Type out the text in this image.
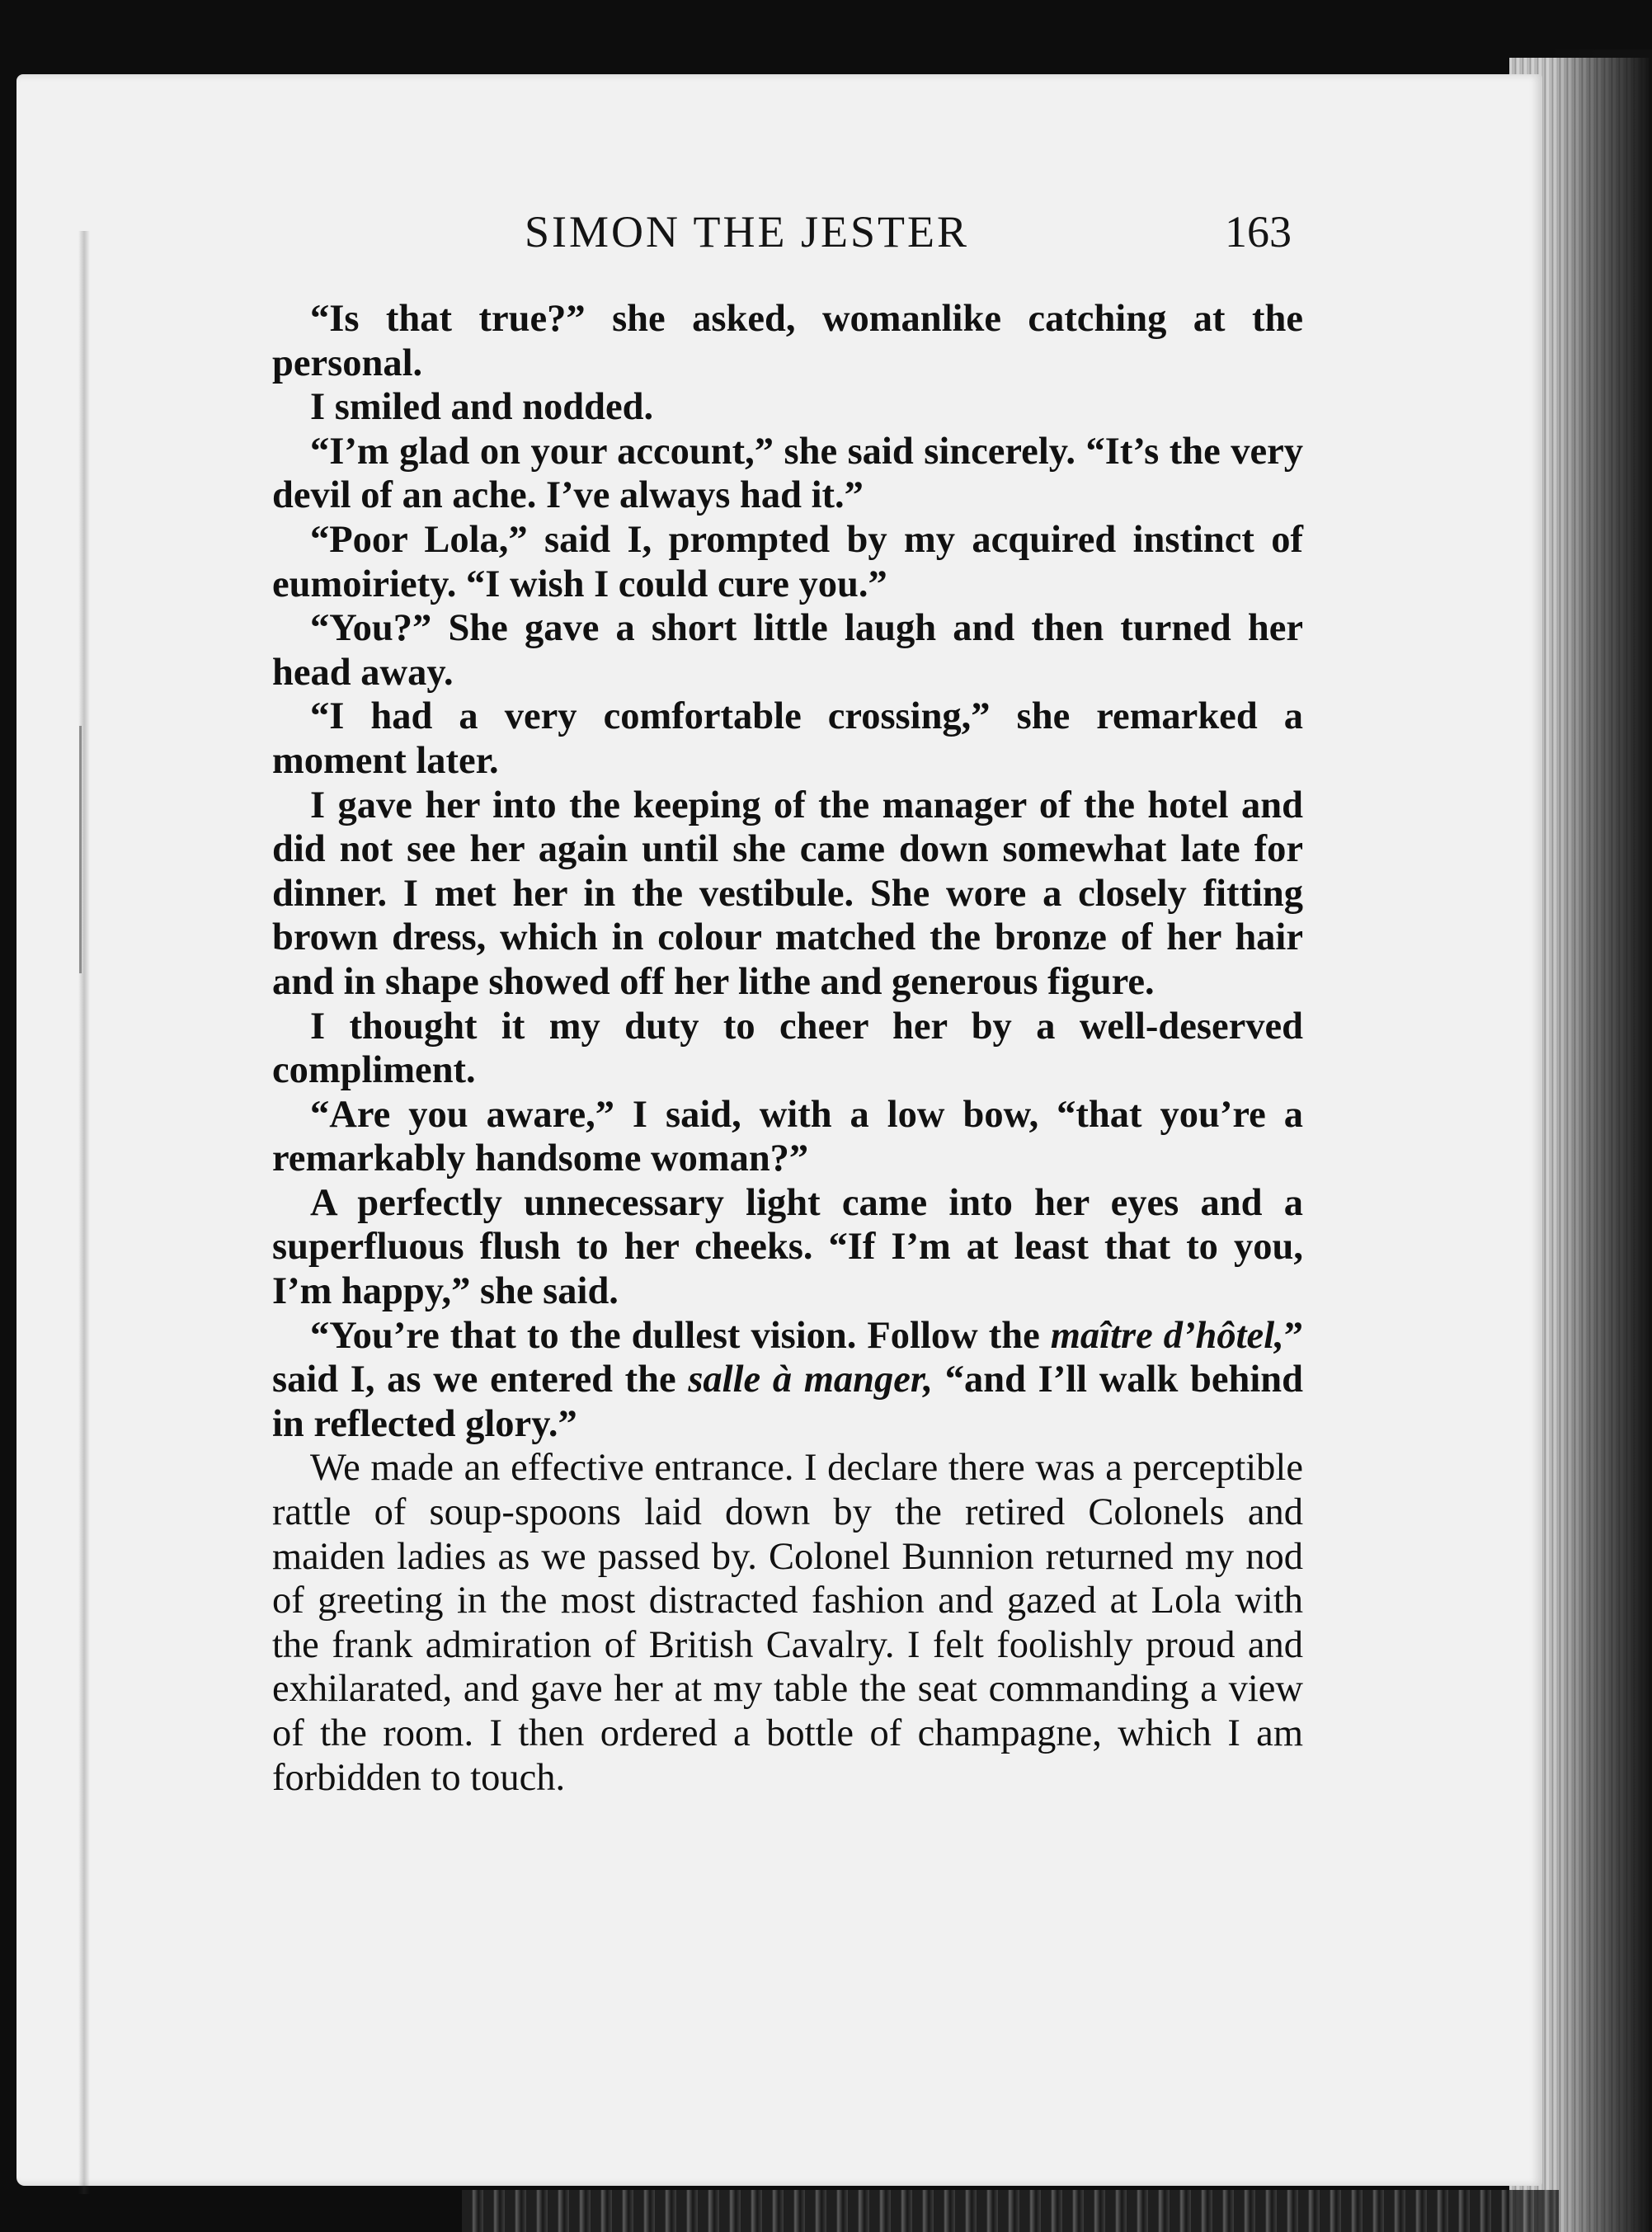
SIMON THE JESTER	163

“Is that true?” she asked, womanlike catching at the personal.

I smiled and nodded.

“I’m glad on your account,” she said sincerely. “It’s the very devil of an ache. I’ve always had it.”

“Poor Lola,” said I, prompted by my acquired instinct of eumoiriety. “I wish I could cure you.”

“You?” She gave a short little laugh and then turned her head away.

“I had a very comfortable crossing,” she remarked a moment later.

I gave her into the keeping of the manager of the hotel and did not see her again until she came down somewhat late for dinner. I met her in the vestibule. She wore a closely fitting brown dress, which in colour matched the bronze of her hair and in shape showed off her lithe and generous figure.

I thought it my duty to cheer her by a well-deserved compliment.

“Are you aware,” I said, with a low bow, “that you’re a remarkably handsome woman?”

A perfectly unnecessary light came into her eyes and a superfluous flush to her cheeks. “If I’m at least that to you, I’m happy,” she said.

“You’re that to the dullest vision. Follow the maître d’hôtel,” said I, as we entered the salle à manger, “and I’ll walk behind in reflected glory.”

We made an effective entrance. I declare there was a perceptible rattle of soup-spoons laid down by the retired Colonels and maiden ladies as we passed by. Colonel Bunnion returned my nod of greeting in the most distracted fashion and gazed at Lola with the frank admiration of British Cavalry. I felt foolishly proud and exhilarated, and gave her at my table the seat commanding a view of the room. I then ordered a bottle of champagne, which I am forbidden to touch.
